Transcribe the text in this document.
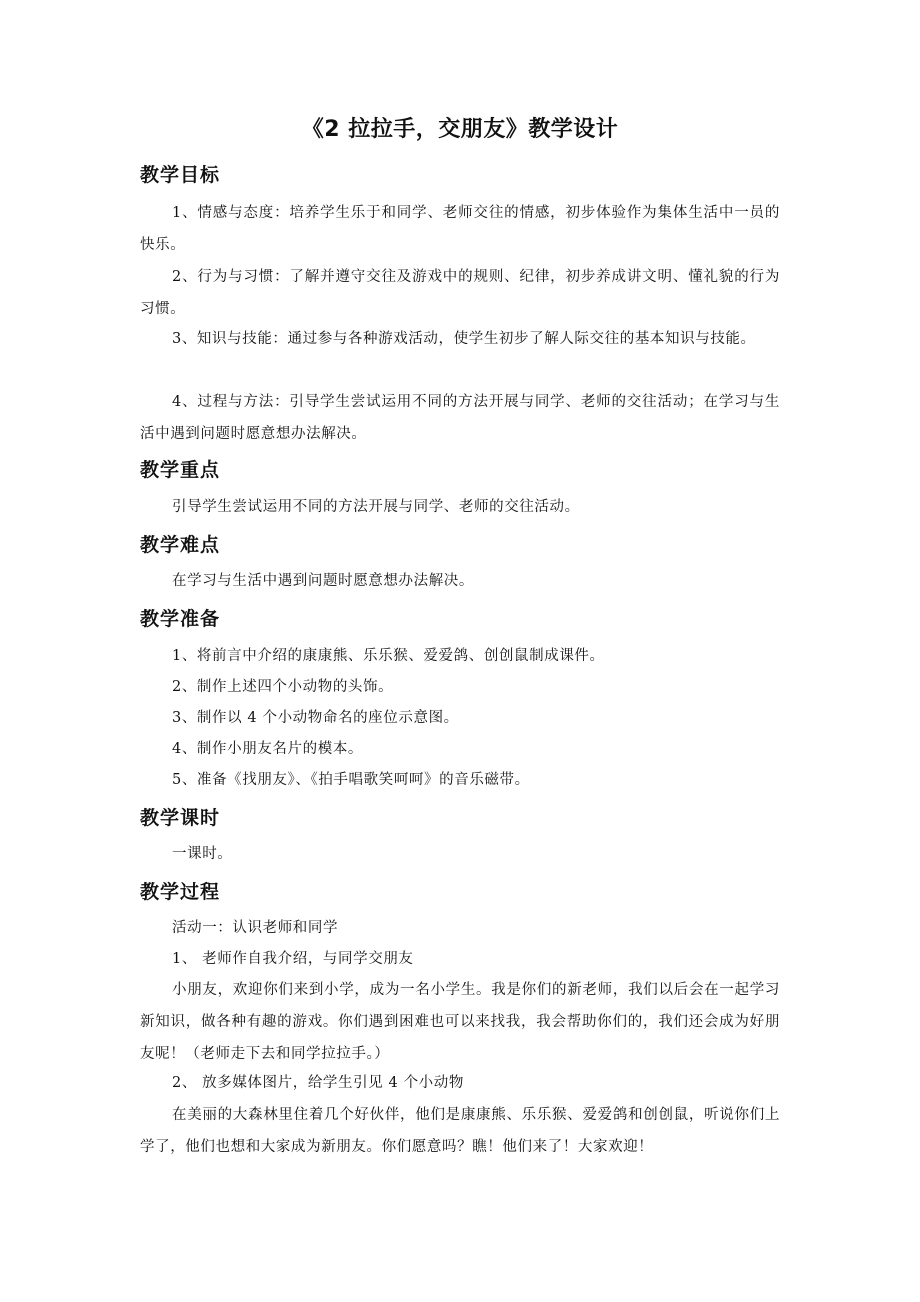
《2 拉拉手，交朋友》教学设计
教学目标

1、情感与态度：培养学生乐于和同学、老师交往的情感，初步体验作为集体生活中一员的快乐。

2、行为与习惯：了解并遵守交往及游戏中的规则、纪律，初步养成讲文明、懂礼貌的行为习惯。

3、知识与技能：通过参与各种游戏活动，使学生初步了解人际交往的基本知识与技能。

4、过程与方法：引导学生尝试运用不同的方法开展与同学、老师的交往活动；在学习与生活中遇到问题时愿意想办法解决。

教学重点
引导学生尝试运用不同的方法开展与同学、老师的交往活动。
教学难点
在学习与生活中遇到问题时愿意想办法解决。
教学准备
1、将前言中介绍的康康熊、乐乐猴、爱爱鸽、创创鼠制成课件。
2、制作上述四个小动物的头饰。
3、制作以 4 个小动物命名的座位示意图。
4、制作小朋友名片的模本。
5、准备《找朋友》、《拍手唱歌笑呵呵》的音乐磁带。
教学课时
一课时。
教学过程
活动一：认识老师和同学
1、 老师作自我介绍，与同学交朋友

小朋友，欢迎你们来到小学，成为一名小学生。我是你们的新老师，我们以后会在一起学习新知识，做各种有趣的游戏。你们遇到困难也可以来找我，我会帮助你们的，我们还会成为好朋友呢！（老师走下去和同学拉拉手。）

2、 放多媒体图片，给学生引见 4 个小动物

在美丽的大森林里住着几个好伙伴，他们是康康熊、乐乐猴、爱爱鸽和创创鼠，听说你们上学了，他们也想和大家成为新朋友。你们愿意吗？瞧！他们来了！大家欢迎！
